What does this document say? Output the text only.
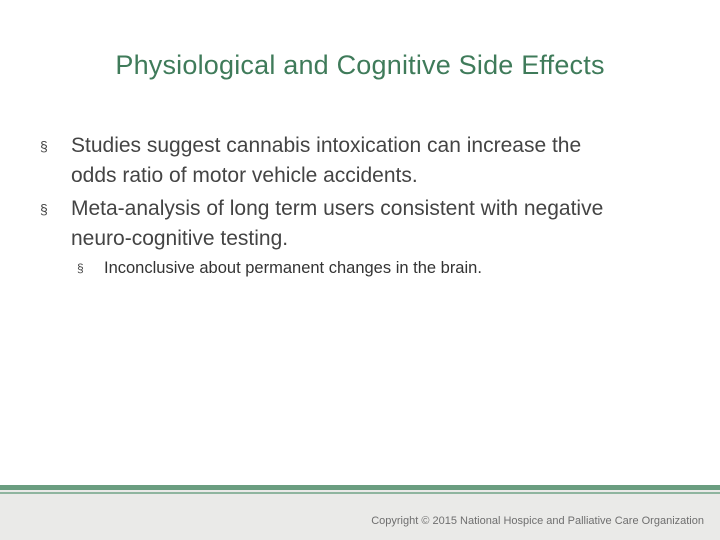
Physiological and Cognitive Side Effects
§ Studies suggest cannabis intoxication can increase the
odds ratio of motor vehicle accidents.
§ Meta-analysis of long term users consistent with negative
neuro-cognitive testing.
§ Inconclusive about permanent changes in the brain.
Copyright © 2015 National Hospice and Palliative Care Organization
